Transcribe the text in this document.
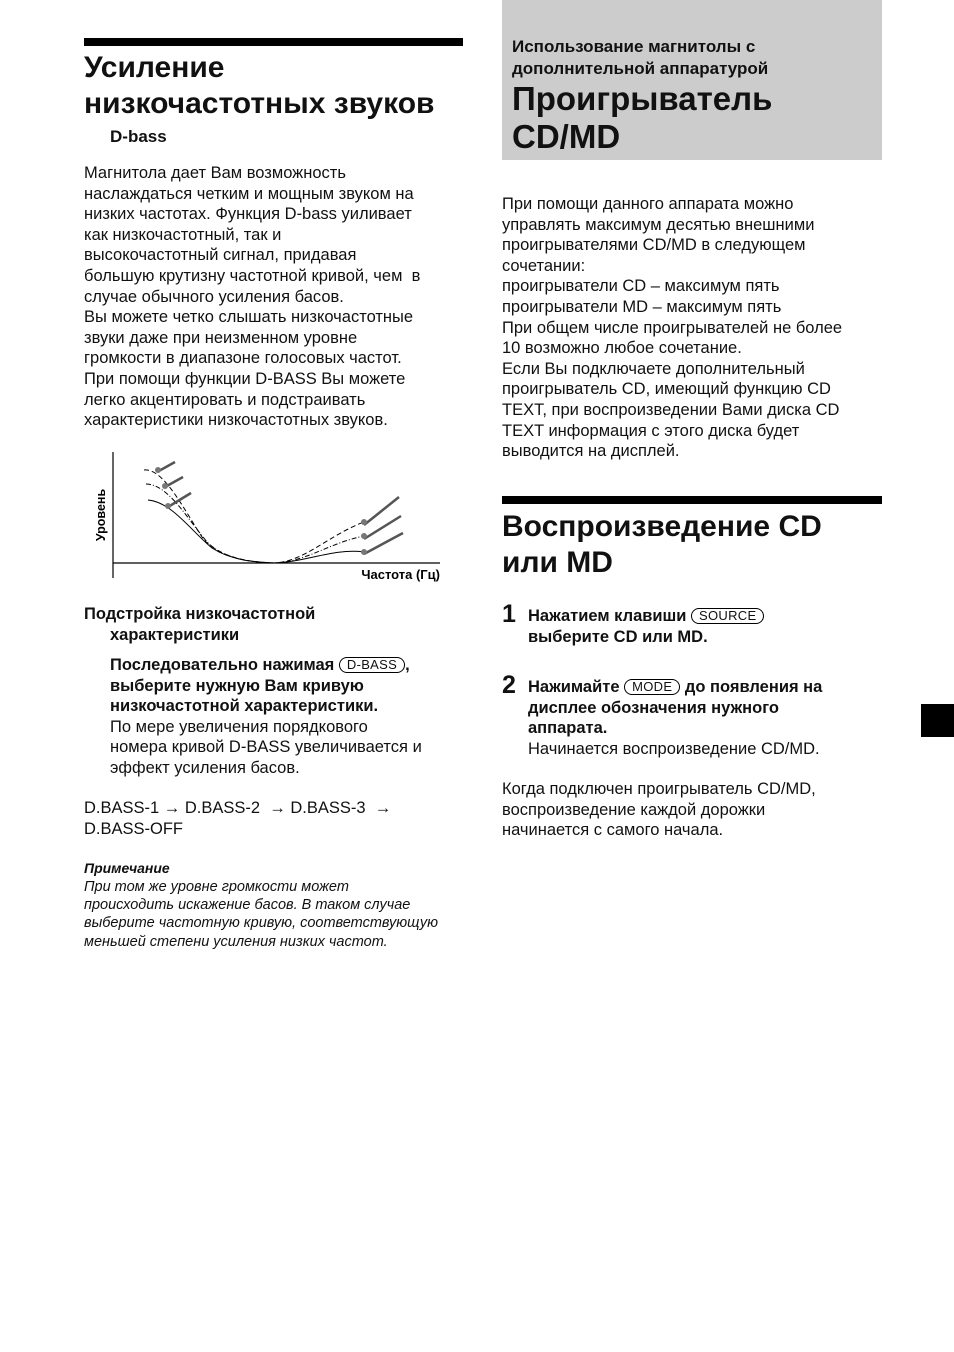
Усиление
низкочастотных звуков
D-bass

Магнитола дает Вам возможность

наслаждаться четким и мощным звуком на

низких частотах. Функция D-bass уиливает

как низкочастотный, так и

высокочастотный сигнал, придавая

большую крутизну частотной кривой, чем  в

случае обычного усиления басов.

Вы можете четко слышать низкочастотные

звуки даже при неизменном уровне

громкости в диапазоне голосовых частот.

При помощи функции D-BASS Вы можете

легко акцентировать и подстраивать

характеристики низкочастотных звуков.

Уровень
Частота (Гц)

Подстройка низкочастотной

характеристики

Последовательно нажимая D-BASS ,

выберите нужную Вам кривую

низкочастотной характеристики.

По мере увеличения порядкового

номера кривой D-BASS увеличивается и

эффект усиления басов.

D.BASS-1 → D.BASS-2 → D.BASS-3 →

D.BASS-OFF

Примечание
При том же уровне громкости может
происходить искажение басов. В таком случае
выберите частотную кривую, соответствующую
меньшей степени усиления низких частот.
Использование магнитолы с
дополнительной аппаратурой
Проигрыватель
CD/MD

При помощи данного аппарата можно

управлять максимум десятью внешними

проигрывателями CD/MD в следующем

сочетании:

проигрыватели CD – максимум пять

проигрыватели MD – максимум пять

При общем числе проигрывателей не более

10 возможно любое сочетание.

Если Вы подключаете дополнительный

проигрыватель CD, имеющий функцию CD

TEXT, при воспроизведении Вами диска CD

TEXT информация с этого диска будет

выводится на дисплей.

Воспроизведение CD
или MD
1 Нажатием клавиши SOURCE

выберите CD или MD.

2 Нажимайте MODE до появления на

дисплее обозначения нужного

аппарата.

Начинается воспроизведение CD/MD.

Когда подключен проигрыватель CD/MD,

воспроизведение каждой дорожки

начинается с самого начала.
